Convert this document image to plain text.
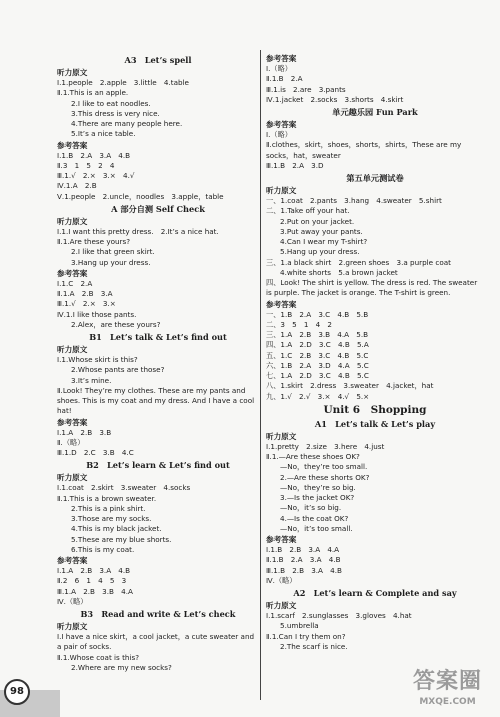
A3　Let’s spell
听力原文
Ⅰ.1.people　2.apple　3.little　4.table
Ⅱ.1.This is an apple.
2.I like to eat noodles.
3.This dress is very nice.
4.There are many people here.
5.It’s a nice table.
参考答案
Ⅰ.1.B　2.A　3.A　4.B
Ⅱ.3　1　5　2　4
Ⅲ.1.√　2.×　3.×　4.√
Ⅳ.1.A　2.B
Ⅴ.1.people　2.uncle，noodles　3.apple，table
A 部分自测 Self Check
听力原文
Ⅰ.1.I want this pretty dress.　2.It’s a nice hat.
Ⅱ.1.Are these yours?
2.I like that green skirt.
3.Hang up your dress.
参考答案
Ⅰ.1.C　2.A
Ⅱ.1.A　2.B　3.A
Ⅲ.1.√　2.×　3.×
Ⅳ.1.I like those pants.
2.Alex，are these yours?
B1　Let’s talk & Let’s find out
听力原文
Ⅰ.1.Whose skirt is this?
2.Whose pants are those?
3.It’s mine.
Ⅱ.Look! They’re my clothes. These are my pants and shoes. This is my coat and my dress. And I have a cool hat!
参考答案
Ⅰ.1.A　2.B　3.B
Ⅱ.（略）
Ⅲ.1.D　2.C　3.B　4.C
B2　Let’s learn & Let’s find out
听力原文
Ⅰ.1.coat　2.skirt　3.sweater　4.socks
Ⅱ.1.This is a brown sweater.
2.This is a pink shirt.
3.Those are my socks.
4.This is my black jacket.
5.These are my blue shorts.
6.This is my coat.
参考答案
Ⅰ.1.A　2.B　3.A　4.B
Ⅱ.2　6　1　4　5　3
Ⅲ.1.A　2.B　3.B　4.A
Ⅳ.（略）
B3　Read and write & Let’s check
听力原文
Ⅰ.I have a nice skirt，a cool jacket，a cute sweater and a pair of socks.
Ⅱ.1.Whose coat is this?
2.Where are my new socks?
参考答案
Ⅰ.（略）
Ⅱ.1.B　2.A
Ⅲ.1.is　2.are　3.pants
Ⅳ.1.jacket　2.socks　3.shorts　4.skirt
单元趣乐园 Fun Park
参考答案
Ⅰ.（略）
Ⅱ.clothes，skirt，shoes，shorts，shirts，These are my socks，hat，sweater
Ⅲ.1.B　2.A　3.D
第五单元测试卷
听力原文
一、1.coat　2.pants　3.hang　4.sweater　5.shirt
二、1.Take off your hat.
2.Put on your jacket.
3.Put away your pants.
4.Can I wear my T-shirt?
5.Hang up your dress.
三、1.a black shirt　2.green shoes　3.a purple coat
4.white shorts　5.a brown jacket
四、Look! The shirt is yellow. The dress is red. The sweater is purple. The jacket is orange. The T-shirt is green.
参考答案
一、1.B　2.A　3.C　4.B　5.B
二、3　5　1　4　2
三、1.A　2.B　3.B　4.A　5.B
四、1.A　2.D　3.C　4.B　5.A
五、1.C　2.B　3.C　4.B　5.C
六、1.B　2.A　3.D　4.A　5.C
七、1.A　2.D　3.C　4.B　5.C
八、1.skirt　2.dress　3.sweater　4.jacket，hat
九、1.√　2.√　3.×　4.√　5.×
Unit 6　Shopping
A1　Let’s talk & Let’s play
听力原文
Ⅰ.1.pretty　2.size　3.here　4.just
Ⅱ.1.—Are these shoes OK?
—No，they’re too small.
2.—Are these shorts OK?
—No，they’re so big.
3.—Is the jacket OK?
—No，it’s so big.
4.—Is the coat OK?
—No，it’s too small.
参考答案
Ⅰ.1.B　2.B　3.A　4.A
Ⅱ.1.B　2.A　3.A　4.B
Ⅲ.1.B　2.B　3.A　4.B
Ⅳ.（略）
A2　Let’s learn & Complete and say
听力原文
Ⅰ.1.scarf　2.sunglasses　3.gloves　4.hat
5.umbrella
Ⅱ.1.Can I try them on?
2.The scarf is nice.
98	答案圈
MXQE.COM
